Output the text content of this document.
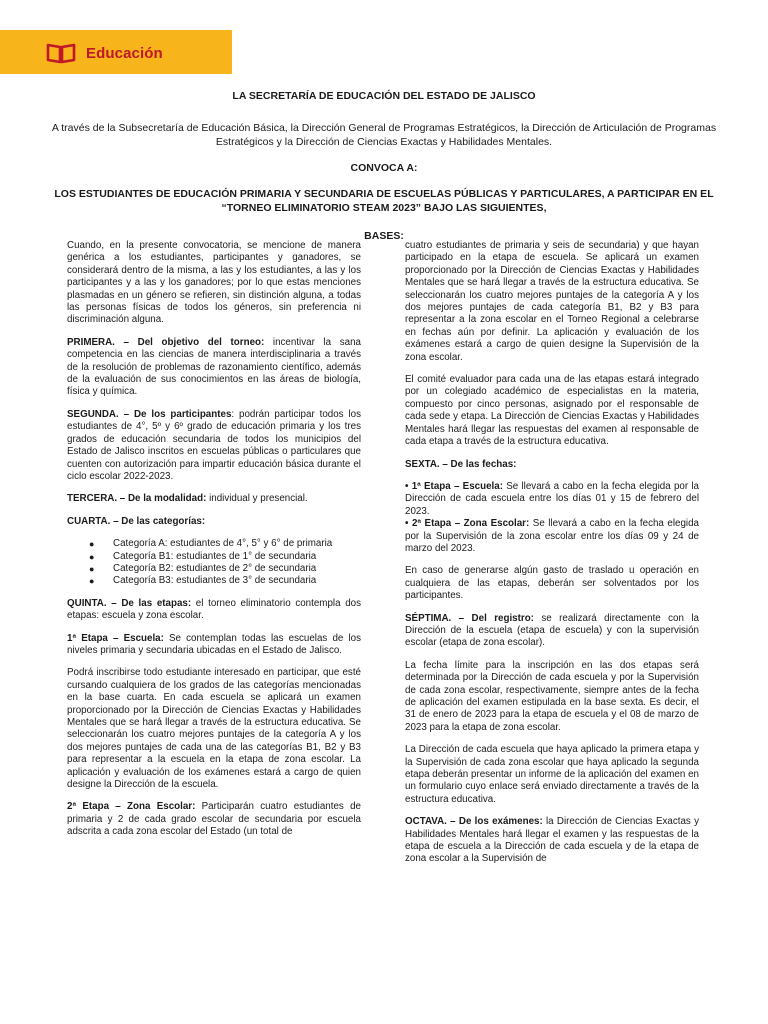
Educación

LA SECRETARÍA DE EDUCACIÓN DEL ESTADO DE JALISCO

A través de la Subsecretaría de Educación Básica, la Dirección General de Programas Estratégicos, la Dirección de Articulación de Programas Estratégicos y la Dirección de Ciencias Exactas y Habilidades Mentales.

CONVOCA A:

LOS ESTUDIANTES DE EDUCACIÓN PRIMARIA Y SECUNDARIA DE ESCUELAS PÚBLICAS Y PARTICULARES, A PARTICIPAR EN EL “TORNEO ELIMINATORIO STEAM 2023” BAJO LAS SIGUIENTES,

BASES:

Cuando, en la presente convocatoria, se mencione de manera genérica a los estudiantes, participantes y ganadores, se considerará dentro de la misma, a las y los estudiantes, a las y los participantes y a las y los ganadores; por lo que estas menciones plasmadas en un género se refieren, sin distinción alguna, a todas las personas físicas de todos los géneros, sin preferencia ni discriminación alguna.

PRIMERA. – Del objetivo del torneo: incentivar la sana competencia en las ciencias de manera interdisciplinaria a través de la resolución de problemas de razonamiento científico, además de la evaluación de sus conocimientos en las áreas de biología, física y química.

SEGUNDA. – De los participantes: podrán participar todos los estudiantes de 4°, 5º y 6º grado de educación primaria y los tres grados de educación secundaria de todos los municipios del Estado de Jalisco inscritos en escuelas públicas o particulares que cuenten con autorización para impartir educación básica durante el ciclo escolar 2022-2023.

TERCERA. – De la modalidad: individual y presencial.

CUARTA. – De las categorías:

● Categoría A: estudiantes de 4°, 5° y 6° de primaria
● Categoría B1: estudiantes de 1° de secundaria
● Categoría B2: estudiantes de 2° de secundaria
● Categoría B3: estudiantes de 3° de secundaria

QUINTA. – De las etapas: el torneo eliminatorio contempla dos etapas: escuela y zona escolar.

1ª Etapa – Escuela: Se contemplan todas las escuelas de los niveles primaria y secundaria ubicadas en el Estado de Jalisco.

Podrá inscribirse todo estudiante interesado en participar, que esté cursando cualquiera de los grados de las categorías mencionadas en la base cuarta. En cada escuela se aplicará un examen proporcionado por la Dirección de Ciencias Exactas y Habilidades Mentales que se hará llegar a través de la estructura educativa. Se seleccionarán los cuatro mejores puntajes de la categoría A y los dos mejores puntajes de cada una de las categorías B1, B2 y B3 para representar a la escuela en la etapa de zona escolar. La aplicación y evaluación de los exámenes estará a cargo de quien designe la Dirección de la escuela.

2ª Etapa – Zona Escolar: Participarán cuatro estudiantes de primaria y 2 de cada grado escolar de secundaria por escuela adscrita a cada zona escolar del Estado (un total de

cuatro estudiantes de primaria y seis de secundaria) y que hayan participado en la etapa de escuela. Se aplicará un examen proporcionado por la Dirección de Ciencias Exactas y Habilidades Mentales que se hará llegar a través de la estructura educativa. Se seleccionarán los cuatro mejores puntajes de la categoría A y los dos mejores puntajes de cada categoría B1, B2 y B3 para representar a la zona escolar en el Torneo Regional a celebrarse en fechas aún por definir. La aplicación y evaluación de los exámenes estará a cargo de quien designe la Supervisión de la zona escolar.

El comité evaluador para cada una de las etapas estará integrado por un colegiado académico de especialistas en la materia, compuesto por cinco personas, asignado por el responsable de cada sede y etapa. La Dirección de Ciencias Exactas y Habilidades Mentales hará llegar las respuestas del examen al responsable de cada etapa a través de la estructura educativa.

SEXTA. – De las fechas:

• 1ª Etapa – Escuela: Se llevará a cabo en la fecha elegida por la Dirección de cada escuela entre los días 01 y 15 de febrero del 2023.

• 2ª Etapa – Zona Escolar: Se llevará a cabo en la fecha elegida por la Supervisión de la zona escolar entre los días 09 y 24 de marzo del 2023.

En caso de generarse algún gasto de traslado u operación en cualquiera de las etapas, deberán ser solventados por los participantes.

SÉPTIMA. – Del registro: se realizará directamente con la Dirección de la escuela (etapa de escuela) y con la supervisión escolar (etapa de zona escolar).

La fecha límite para la inscripción en las dos etapas será determinada por la Dirección de cada escuela y por la Supervisión de cada zona escolar, respectivamente, siempre antes de la fecha de aplicación del examen estipulada en la base sexta. Es decir, el 31 de enero de 2023 para la etapa de escuela y el 08 de marzo de 2023 para la etapa de zona escolar.

La Dirección de cada escuela que haya aplicado la primera etapa y la Supervisión de cada zona escolar que haya aplicado la segunda etapa deberán presentar un informe de la aplicación del examen en un formulario cuyo enlace será enviado directamente a través de la estructura educativa.

OCTAVA. – De los exámenes: la Dirección de Ciencias Exactas y Habilidades Mentales hará llegar el examen y las respuestas de la etapa de escuela a la Dirección de cada escuela y de la etapa de zona escolar a la Supervisión de
